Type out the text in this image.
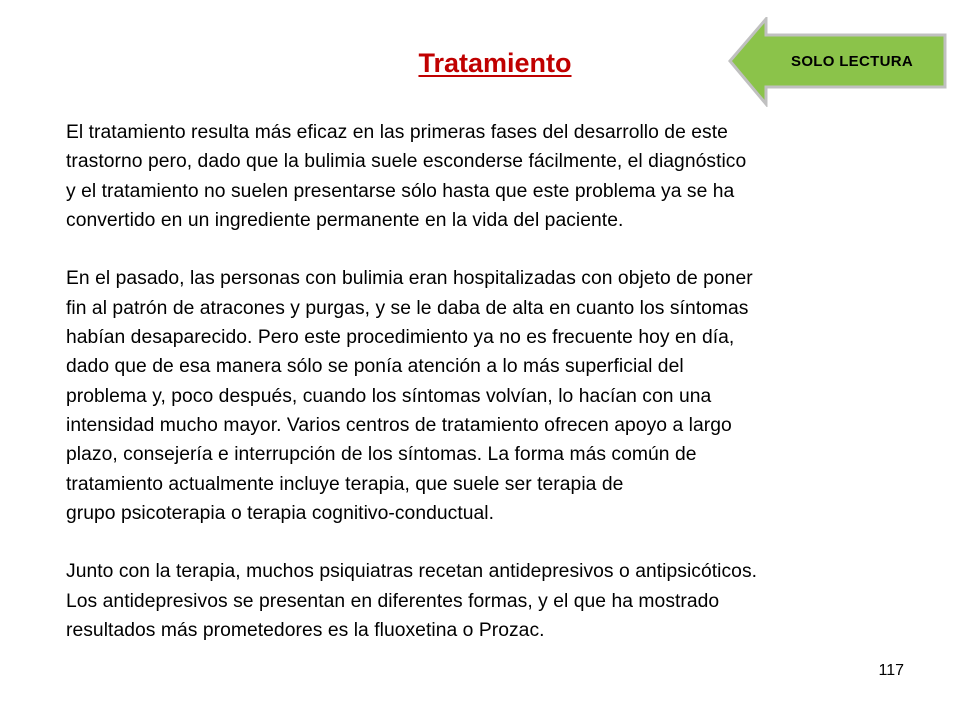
Tratamiento	SOLO LECTURA

El tratamiento resulta más eficaz en las primeras fases del desarrollo de este
trastorno pero, dado que la bulimia suele esconderse fácilmente, el diagnóstico
y el tratamiento no suelen presentarse sólo hasta que este problema ya se ha
convertido en un ingrediente permanente en la vida del paciente.

En el pasado, las personas con bulimia eran hospitalizadas con objeto de poner
fin al patrón de atracones y purgas, y se le daba de alta en cuanto los síntomas
habían desaparecido. Pero este procedimiento ya no es frecuente hoy en día,
dado que de esa manera sólo se ponía atención a lo más superficial del
problema y, poco después, cuando los síntomas volvían, lo hacían con una
intensidad mucho mayor. Varios centros de tratamiento ofrecen apoyo a largo
plazo, consejería e interrupción de los síntomas. La forma más común de
tratamiento actualmente incluye terapia, que suele ser terapia de
grupo psicoterapia o terapia cognitivo-conductual.

Junto con la terapia, muchos psiquiatras recetan antidepresivos o antipsicóticos.
Los antidepresivos se presentan en diferentes formas, y el que ha mostrado
resultados más prometedores es la fluoxetina o Prozac.

117
